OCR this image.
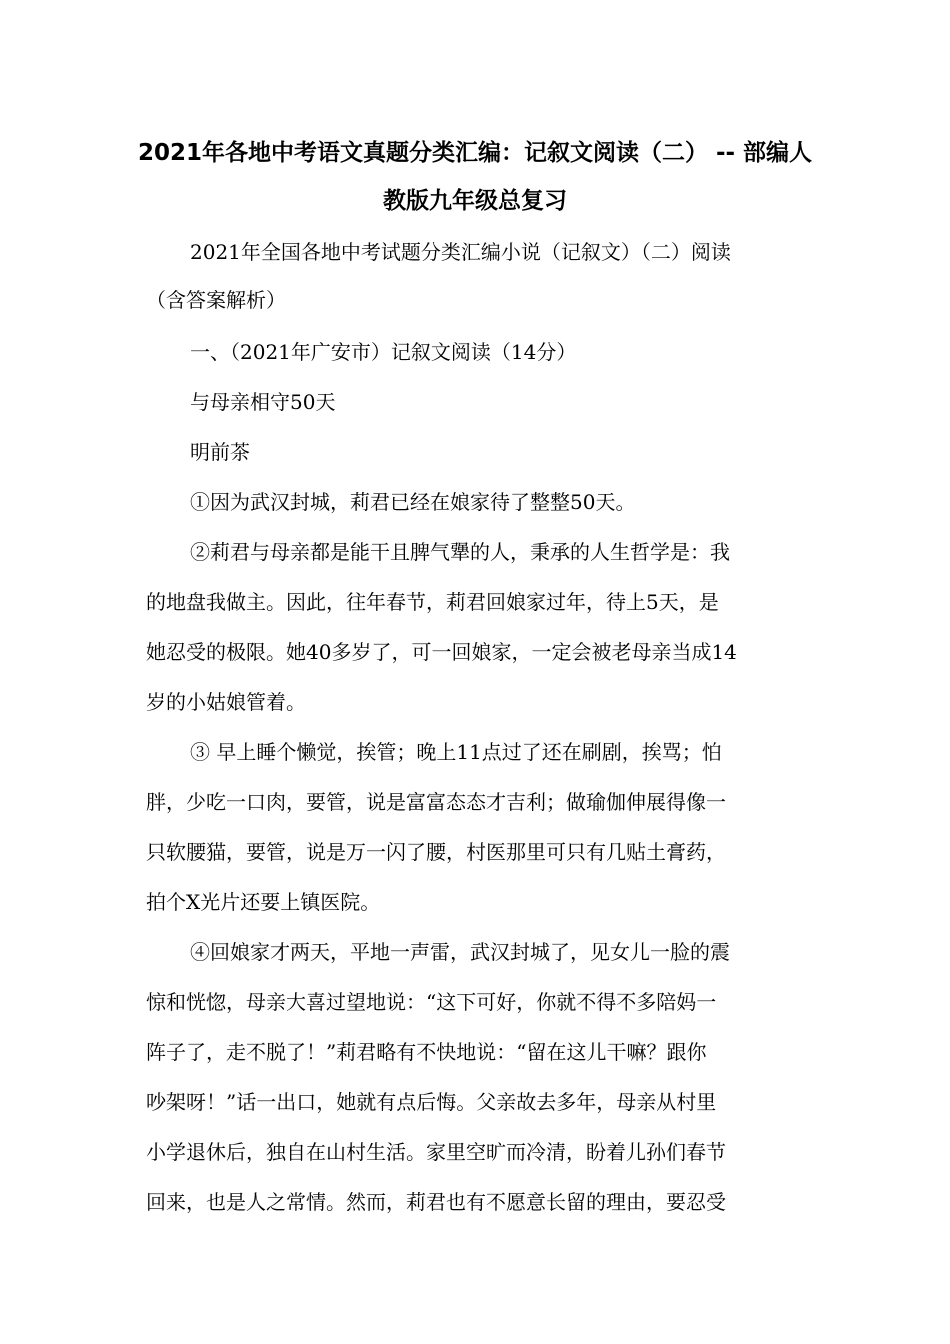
2021年各地中考语文真题分类汇编：记叙文阅读（二） -- 部编人
教版九年级总复习
2021年全国各地中考试题分类汇编小说（记叙文）（二）阅读
（含答案解析）
一、（2021年广安市）记叙文阅读（14分）
与母亲相守50天
明前茶
①因为武汉封城，莉君已经在娘家待了整整50天。
②莉君与母亲都是能干且脾气犟的人，秉承的人生哲学是：我
的地盘我做主。因此，往年春节，莉君回娘家过年，待上5天，是
她忍受的极限。她40多岁了，可一回娘家，一定会被老母亲当成14
岁的小姑娘管着。
③ 早上睡个懒觉，挨管；晚上11点过了还在刷剧，挨骂；怕
胖，少吃一口肉，要管，说是富富态态才吉利；做瑜伽伸展得像一
只软腰猫，要管，说是万一闪了腰，村医那里可只有几贴土膏药，
拍个X光片还要上镇医院。
④回娘家才两天，平地一声雷，武汉封城了，见女儿一脸的震
惊和恍惚，母亲大喜过望地说：“这下可好，你就不得不多陪妈一
阵子了，走不脱了！”莉君略有不快地说：“留在这儿干嘛？跟你
吵架呀！”话一出口，她就有点后悔。父亲故去多年，母亲从村里
小学退休后，独自在山村生活。家里空旷而冷清，盼着儿孙们春节
回来，也是人之常情。然而，莉君也有不愿意长留的理由，要忍受
